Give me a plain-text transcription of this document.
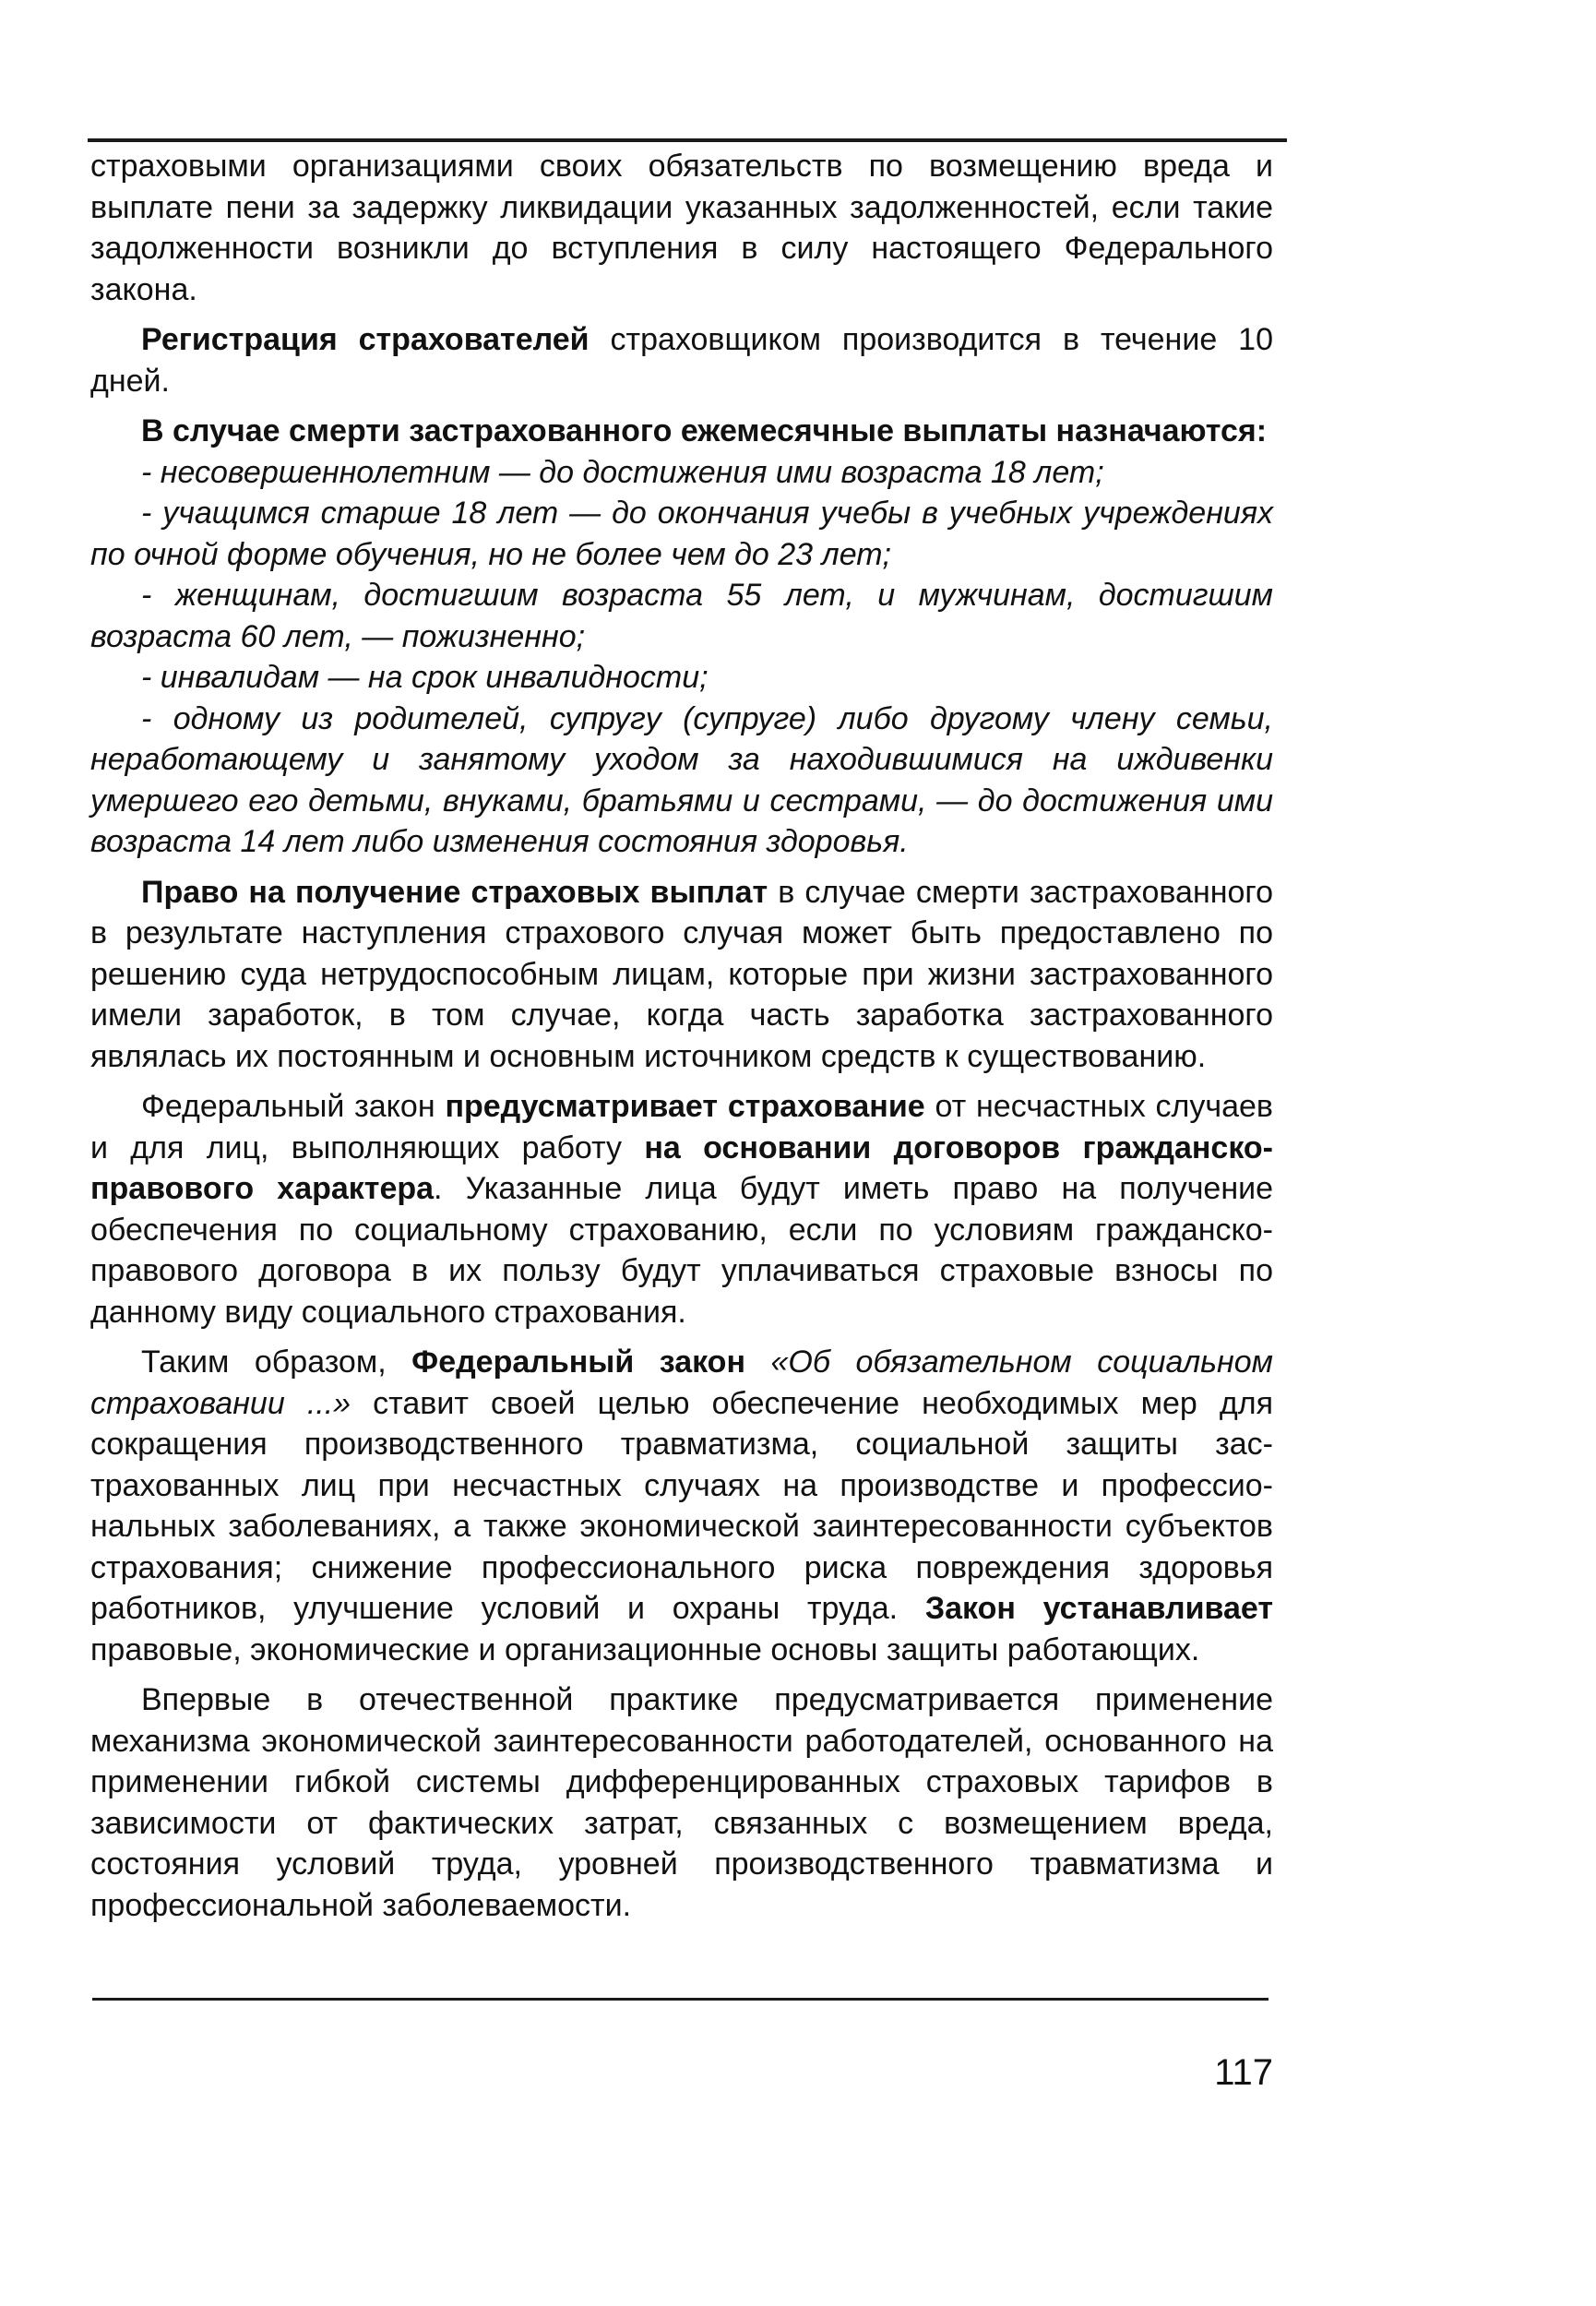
страховыми организациями своих обязательств по возмещению вреда и выплате пени за задержку ликвидации указанных задолженностей, если такие задолженности возникли до вступления в силу настоящего Федерального закона.

Регистрация страхователей страховщиком производится в течение 10 дней.

В случае смерти застрахованного ежемесячные выплаты назначаются:

- несовершеннолетним — до достижения ими возраста 18 лет;
- учащимся старше 18 лет — до окончания учебы в учебных учреждениях по очной форме обучения, но не более чем до 23 лет;
- женщинам, достигшим возраста 55 лет, и мужчинам, достигшим возраста 60 лет, — пожизненно;
- инвалидам — на срок инвалидности;
- одному из родителей, супругу (супруге) либо другому члену семьи, неработающему и занятому уходом за находившимися на иждивенки умершего его детьми, внуками, братьями и сестрами, — до достижения ими возраста 14 лет либо изменения состояния здоровья.

Право на получение страховых выплат в случае смерти застрахованного в результате наступления страхового случая может быть предоставлено по решению суда нетрудоспособным лицам, которые при жизни застрахованного имели заработок, в том случае, когда часть заработка застрахованного являлась их постоянным и основным источником средств к существованию.

Федеральный закон предусматривает страхование от несчастных случаев и для лиц, выполняющих работу на основании договоров гражданско-правового характера. Указанные лица будут иметь право на получение обеспечения по социальному страхованию, если по условиям гражданско-правового договора в их пользу будут уплачиваться страховые взносы по данному виду социального страхования.

Таким образом, Федеральный закон «Об обязательном социальном страховании ...» ставит своей целью обеспечение необходимых мер для сокращения производственного травматизма, социальной защиты застрахованных лиц при несчастных случаях на производстве и профессиональных заболеваниях, а также экономической заинтересованности субъектов страхования; снижение профессионального риска повреждения здоровья работников, улучшение условий и охраны труда. Закон устанавливает правовые, экономические и организационные основы защиты работающих.

Впервые в отечественной практике предусматривается применение механизма экономической заинтересованности работодателей, основанного на применении гибкой системы дифференцированных страховых тарифов в зависимости от фактических затрат, связанных с возмещением вреда, состояния условий труда, уровней производственного травматизма и профессиональной заболеваемости.

117
